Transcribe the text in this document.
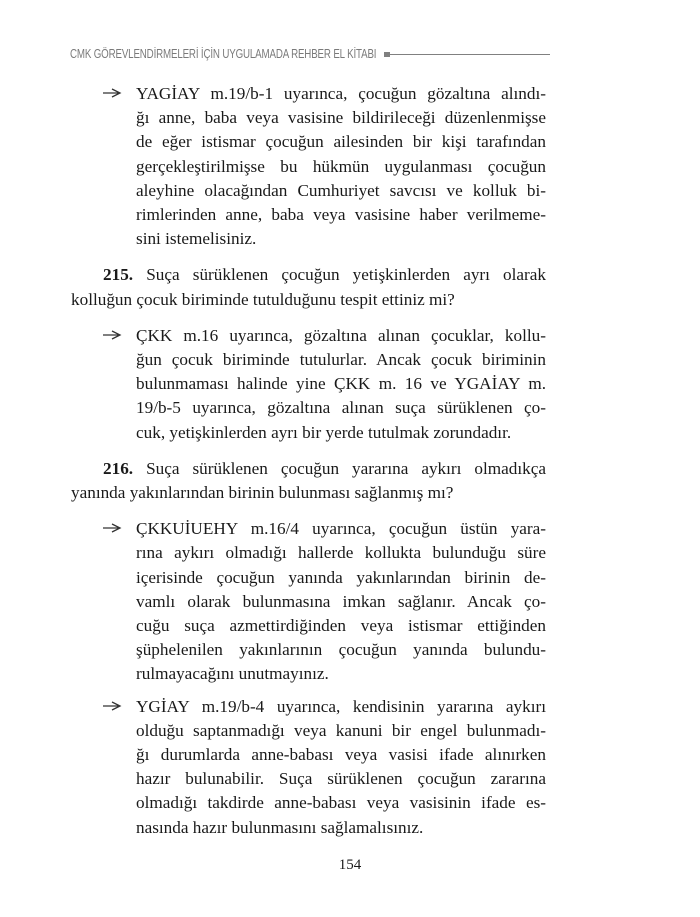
CMK GÖREVLENDİRMELERİ İÇİN UYGULAMADA REHBER EL KİTABI
YAGİAY m.19/b-1 uyarınca, çocuğun gözaltına alındı-
ğı anne, baba veya vasisine bildirileceği düzenlenmişse
de eğer istismar çocuğun ailesinden bir kişi tarafından
gerçekleştirilmişse bu hükmün uygulanması çocuğun
aleyhine olacağından Cumhuriyet savcısı ve kolluk bi-
rimlerinden anne, baba veya vasisine haber verilmeme-
sini istemelisiniz.
215. Suça sürüklenen çocuğun yetişkinlerden ayrı olarak
kolluğun çocuk biriminde tutulduğunu tespit ettiniz mi?
ÇKK m.16 uyarınca, gözaltına alınan çocuklar, kollu-
ğun çocuk biriminde tutulurlar. Ancak çocuk biriminin
bulunmaması halinde yine ÇKK m. 16 ve YGAİAY m.
19/b-5 uyarınca, gözaltına alınan suça sürüklenen ço-
cuk, yetişkinlerden ayrı bir yerde tutulmak zorundadır.
216. Suça sürüklenen çocuğun yararına aykırı olmadıkça
yanında yakınlarından birinin bulunması sağlanmış mı?
ÇKKUİUEHY m.16/4 uyarınca, çocuğun üstün yara-
rına aykırı olmadığı hallerde kollukta bulunduğu süre
içerisinde çocuğun yanında yakınlarından birinin de-
vamlı olarak bulunmasına imkan sağlanır. Ancak ço-
cuğu suça azmettirdiğinden veya istismar ettiğinden
şüphelenilen yakınlarının çocuğun yanında bulundu-
rulmayacağını unutmayınız.
YGİAY m.19/b-4 uyarınca, kendisinin yararına aykırı
olduğu saptanmadığı veya kanuni bir engel bulunmadı-
ğı durumlarda anne-babası veya vasisi ifade alınırken
hazır bulunabilir. Suça sürüklenen çocuğun zararına
olmadığı takdirde anne-babası veya vasisinin ifade es-
nasında hazır bulunmasını sağlamalısınız.
154
